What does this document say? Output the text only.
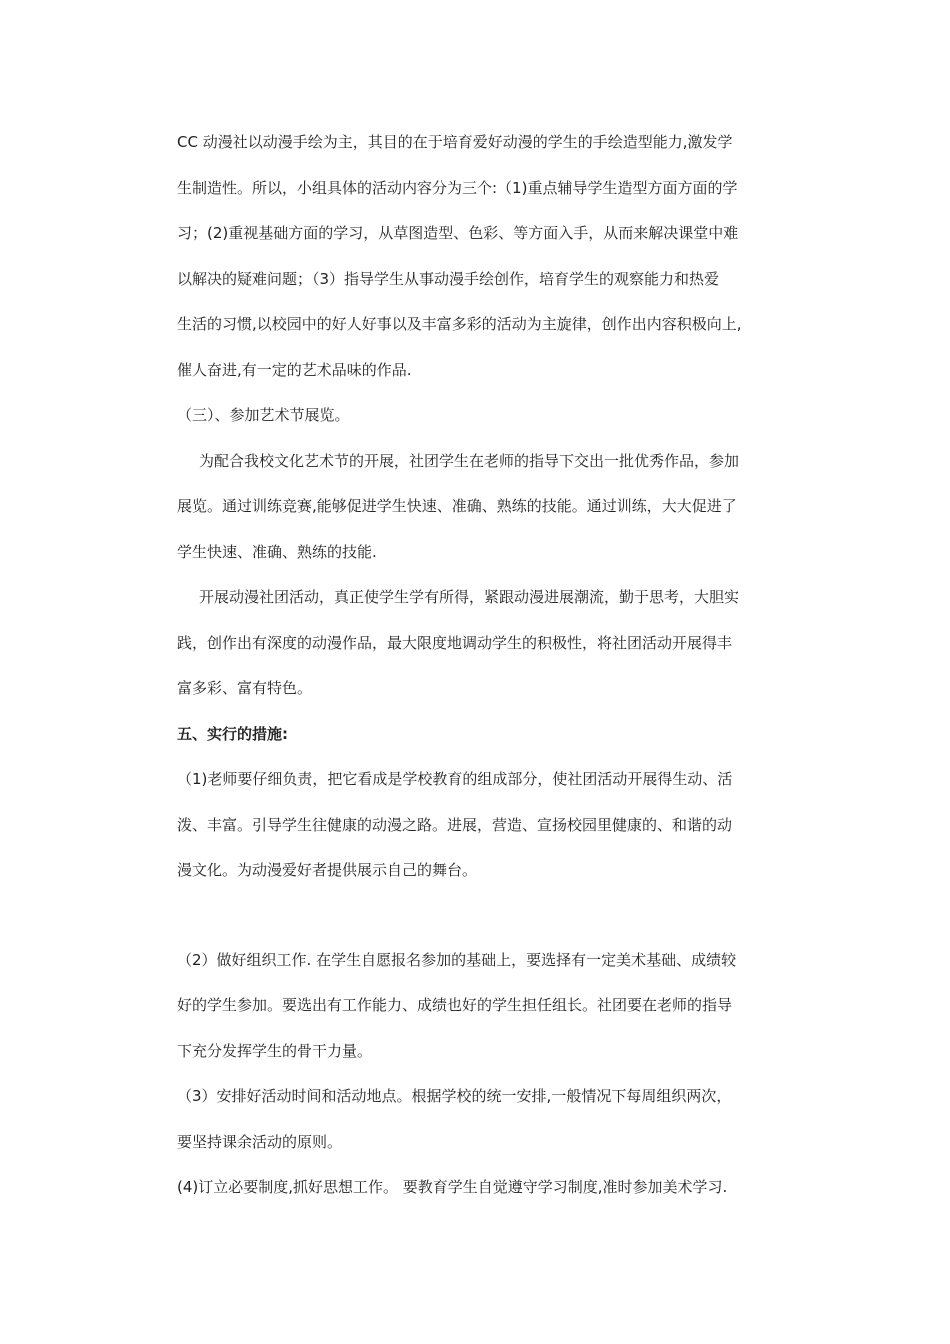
CC 动漫社以动漫手绘为主，其目的在于培育爱好动漫的学生的手绘造型能力,激发学

生制造性。所以，小组具体的活动内容分为三个:（1)重点辅导学生造型方面方面的学

习；(2)重视基础方面的学习，从草图造型、色彩、等方面入手，从而来解决课堂中难

以解决的疑难问题；（3）指导学生从事动漫手绘创作，培育学生的观察能力和热爱

生活的习惯,以校园中的好人好事以及丰富多彩的活动为主旋律，创作出内容积极向上,

催人奋进,有一定的艺术品味的作品.

（三）、参加艺术节展览。

为配合我校文化艺术节的开展，社团学生在老师的指导下交出一批优秀作品，参加

展览。通过训练竞赛,能够促进学生快速、准确、熟练的技能。通过训练，大大促进了

学生快速、准确、熟练的技能.

开展动漫社团活动，真正使学生学有所得，紧跟动漫进展潮流，勤于思考，大胆实

践，创作出有深度的动漫作品，最大限度地调动学生的积极性，将社团活动开展得丰

富多彩、富有特色。

五、实行的措施:

（1)老师要仔细负责，把它看成是学校教育的组成部分，使社团活动开展得生动、活

泼、丰富。引导学生往健康的动漫之路。进展，营造、宣扬校园里健康的、和谐的动

漫文化。为动漫爱好者提供展示自己的舞台。

（2）做好组织工作. 在学生自愿报名参加的基础上，要选择有一定美术基础、成绩较

好的学生参加。要选出有工作能力、成绩也好的学生担任组长。社团要在老师的指导

下充分发挥学生的骨干力量。

（3）安排好活动时间和活动地点。根据学校的统一安排,一般情况下每周组织两次，

要坚持课余活动的原则。

(4)订立必要制度,抓好思想工作。 要教育学生自觉遵守学习制度,准时参加美术学习.
